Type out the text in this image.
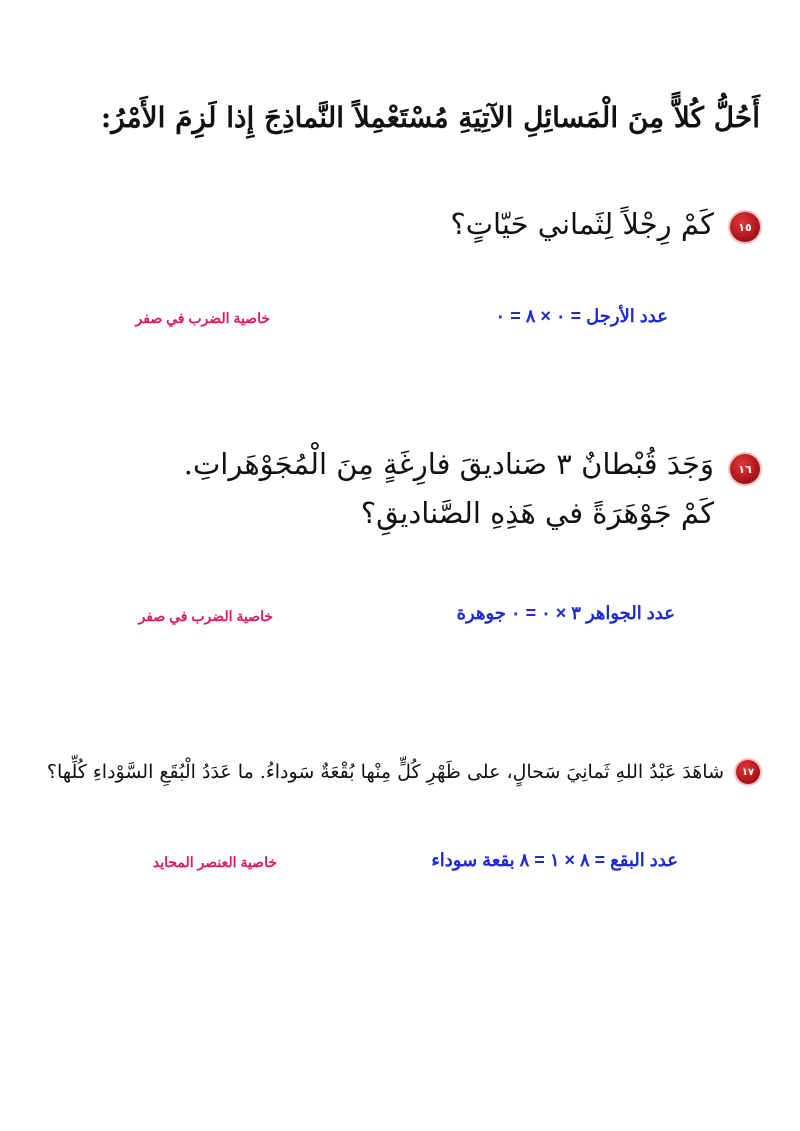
أَحُلُّ كُلاًّ مِنَ الْمَسائِلِ الآتِيَةِ مُسْتَعْمِلاً النَّماذِجَ إِذا لَزِمَ الأَمْرُ:
١٥
كَمْ رِجْلاً لِثَماني حَيّاتٍ؟
عدد الأرجل = ٠ × ٨ = ٠
خاصية الضرب في صفر
١٦
وَجَدَ قُبْطانٌ ٣ صَناديقَ فارِغَةٍ مِنَ الْمُجَوْهَراتِ.
كَمْ جَوْهَرَةً في هَذِهِ الصَّناديقِ؟
عدد الجواهر ٣ × ٠ = ٠ جوهرة
خاصية الضرب في صفر
١٧
شاهَدَ عَبْدُ اللهِ ثَمانِيَ سَحالٍ، على ظَهْرِ كُلٍّ مِنْها بُقْعَةٌ سَوداءُ. ما عَدَدُ الْبُقَعِ السَّوْداءِ كُلِّها؟
عدد البقع = ٨ × ١ = ٨ بقعة سوداء
خاصية العنصر المحايد
